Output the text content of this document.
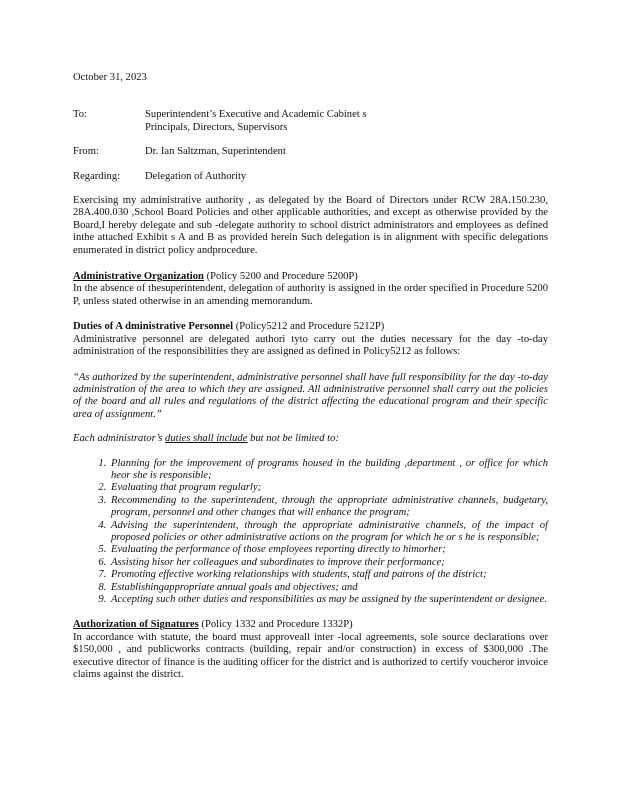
October 31, 2023
To:	Superintendent’s Executive and Academic Cabinet s
Principals, Directors, Supervisors
From:	Dr. Ian Saltzman, Superintendent
Regarding:	Delegation of Authority

Exercising my administrative authority , as delegated by the Board of Directors under RCW 28A.150.230, 28A.400.030 ,School Board Policies and other applicable authorities, and except as otherwise provided by the Board,I hereby delegate and sub -delegate authority to school district administrators and employees as defined inthe attached Exhibit s A and B as provided herein Such delegation is in alignment with specific delegations enumerated in district policy andprocedure.

Administrative Organization (Policy 5200 and Procedure 5200P)

In the absence of thesuperintendent, delegation of authority is assigned in the order specified in Procedure 5200 P, unless stated otherwise in an amending memorandum.

Duties of A dministrative Personnel (Policy5212 and Procedure 5212P)

Administrative personnel are delegated authori tyto carry out the duties necessary for the day -to-day administration of the responsibilities they are assigned as defined in Policy5212 as follows:

“As authorized by the superintendent, administrative personnel shall have full responsibility for the day -to-day administration of the area to which they are assigned. All administrative personnel shall carry out the policies of the board and all rules and regulations of the district affecting the educational program and their specific area of assignment.”

Each administrator’s duties shall include but not be limited to:

1. Planning for the improvement of programs housed in the building ,department , or office for which heor she is responsible;
2. Evaluating that program regularly;
3. Recommending to the superintendent, through the appropriate administrative channels, budgetary, program, personnel and other changes that will enhance the program;
4. Advising the superintendent, through the appropriate administrative channels, of the impact of proposed policies or other administrative actions on the program for which he or s he is responsible;
5. Evaluating the performance of those employees reporting directly to himorher;
6. Assisting hisor her colleagues and subordinates to improve their performance;
7. Promoting effective working relationships with students, staff and patrons of the district;
8. Establishingappropriate annual goals and objectives; and
9. Accepting such other duties and responsibilities as may be assigned by the superintendent or designee.
Authorization of Signatures (Policy 1332 and Procedure 1332P)

In accordance with statute, the board must approveall inter -local agreements, sole source declarations over $150,000 , and publicworks contracts (building, repair and/or construction) in excess of $300,000 .The executive director of finance is the auditing officer for the district and is authorized to certify voucheror invoice claims against the district.
